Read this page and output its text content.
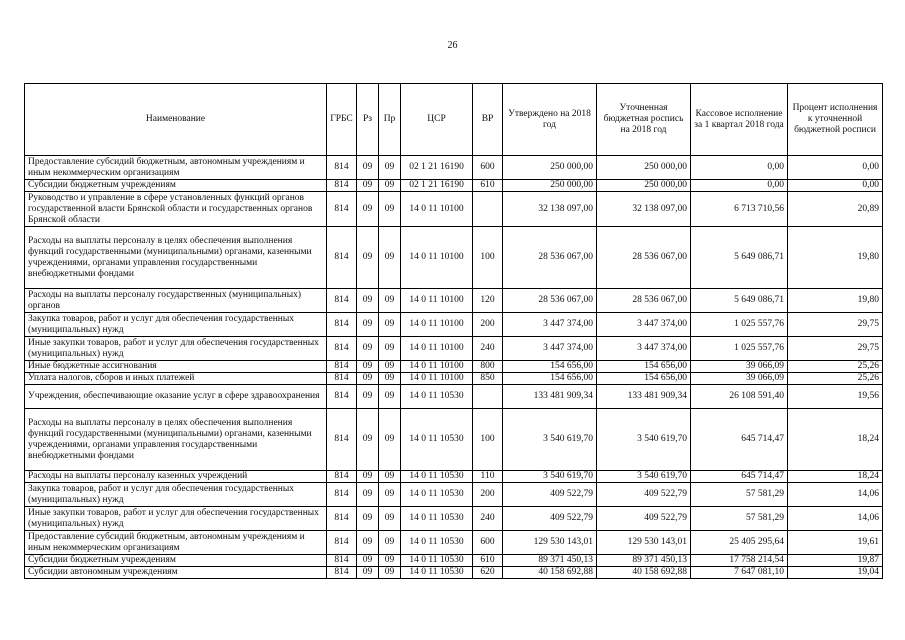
26
Наименование	ГРБС	Рз	Пр	ЦСР	ВР	Утверждено на 2018 год	Уточненная бюджетная роспись на 2018 год	Кассовое исполнение за 1 квартал 2018 года	Процент исполнения к уточненной бюджетной росписи
Предоставление субсидий бюджетным, автономным учреждениям и иным некоммерческим организациям	814	09	09	02 1 21 16190	600	250 000,00	250 000,00	0,00	0,00
Субсидии бюджетным учреждениям	814	09	09	02 1 21 16190	610	250 000,00	250 000,00	0,00	0,00
Руководство и управление в сфере установленных функций органов государственной власти Брянской области и государственных органов Брянской области	814	09	09	14 0 11 10100		32 138 097,00	32 138 097,00	6 713 710,56	20,89
Расходы на выплаты персоналу в целях обеспечения выполнения функций государственными (муниципальными) органами, казенными учреждениями, органами управления государственными внебюджетными фондами	814	09	09	14 0 11 10100	100	28 536 067,00	28 536 067,00	5 649 086,71	19,80
Расходы на выплаты персоналу государственных (муниципальных) органов	814	09	09	14 0 11 10100	120	28 536 067,00	28 536 067,00	5 649 086,71	19,80
Закупка товаров, работ и услуг для обеспечения государственных (муниципальных) нужд	814	09	09	14 0 11 10100	200	3 447 374,00	3 447 374,00	1 025 557,76	29,75
Иные закупки товаров, работ и услуг для обеспечения государственных (муниципальных) нужд	814	09	09	14 0 11 10100	240	3 447 374,00	3 447 374,00	1 025 557,76	29,75
Иные бюджетные ассигнования	814	09	09	14 0 11 10100	800	154 656,00	154 656,00	39 066,09	25,26
Уплата налогов, сборов и иных платежей	814	09	09	14 0 11 10100	850	154 656,00	154 656,00	39 066,09	25,26
Учреждения, обеспечивающие оказание услуг в сфере здравоохранения	814	09	09	14 0 11 10530		133 481 909,34	133 481 909,34	26 108 591,40	19,56
Расходы на выплаты персоналу в целях обеспечения выполнения функций государственными (муниципальными) органами, казенными учреждениями, органами управления государственными внебюджетными фондами	814	09	09	14 0 11 10530	100	3 540 619,70	3 540 619,70	645 714,47	18,24
Расходы на выплаты персоналу казенных учреждений	814	09	09	14 0 11 10530	110	3 540 619,70	3 540 619,70	645 714,47	18,24
Закупка товаров, работ и услуг для обеспечения государственных (муниципальных) нужд	814	09	09	14 0 11 10530	200	409 522,79	409 522,79	57 581,29	14,06
Иные закупки товаров, работ и услуг для обеспечения государственных (муниципальных) нужд	814	09	09	14 0 11 10530	240	409 522,79	409 522,79	57 581,29	14,06
Предоставление субсидий бюджетным, автономным учреждениям и иным некоммерческим организациям	814	09	09	14 0 11 10530	600	129 530 143,01	129 530 143,01	25 405 295,64	19,61
Субсидии бюджетным учреждениям	814	09	09	14 0 11 10530	610	89 371 450,13	89 371 450,13	17 758 214,54	19,87
Субсидии автономным учреждениям	814	09	09	14 0 11 10530	620	40 158 692,88	40 158 692,88	7 647 081,10	19,04
